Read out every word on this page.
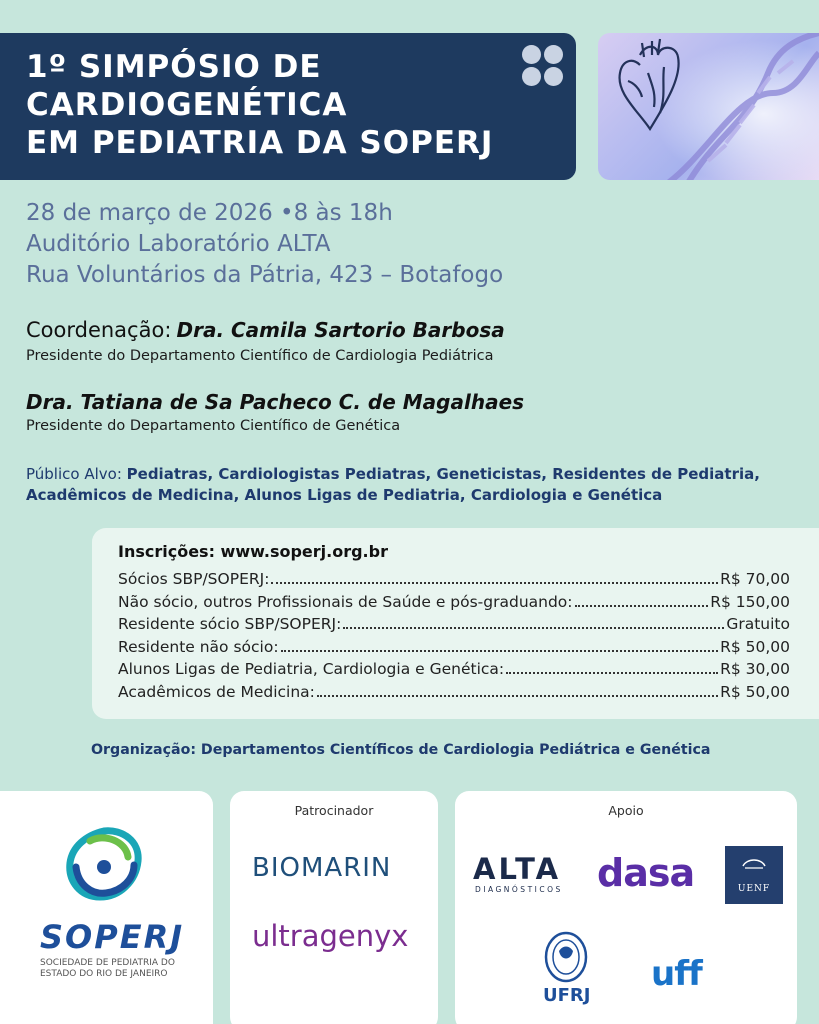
1º SIMPÓSIO DE
CARDIOGENÉTICA
EM PEDIATRIA DA SOPERJ
28 de março de 2026 •8 às 18h
Auditório Laboratório ALTA
Rua Voluntários da Pátria, 423 – Botafogo
Coordenação: Dra. Camila Sartorio Barbosa
Presidente do Departamento Científico de Cardiologia Pediátrica
Dra. Tatiana de Sa Pacheco C. de Magalhaes
Presidente do Departamento Científico de Genética
Público Alvo: Pediatras, Cardiologistas Pediatras, Geneticistas, Residentes de Pediatria, Acadêmicos de Medicina, Alunos Ligas de Pediatria, Cardiologia e Genética
Inscrições: www.soperj.org.br
Sócios SBP/SOPERJ:	R$ 70,00
Não sócio, outros Profissionais de Saúde e pós-graduando:	R$ 150,00
Residente sócio SBP/SOPERJ:	Gratuito
Residente não sócio:	R$ 50,00
Alunos Ligas de Pediatria, Cardiologia e Genética:	R$ 30,00
Acadêmicos de Medicina:	R$ 50,00
Organização: Departamentos Científicos de Cardiologia Pediátrica e Genética
SOPERJ
SOCIEDADE DE PEDIATRIA DO ESTADO DO RIO DE JANEIRO
Patrocinador
BIOMARIN
ultragenyx
Apoio
ALTA
DIAGNÓSTICOS dasa	UENF
UFRJ
uff
